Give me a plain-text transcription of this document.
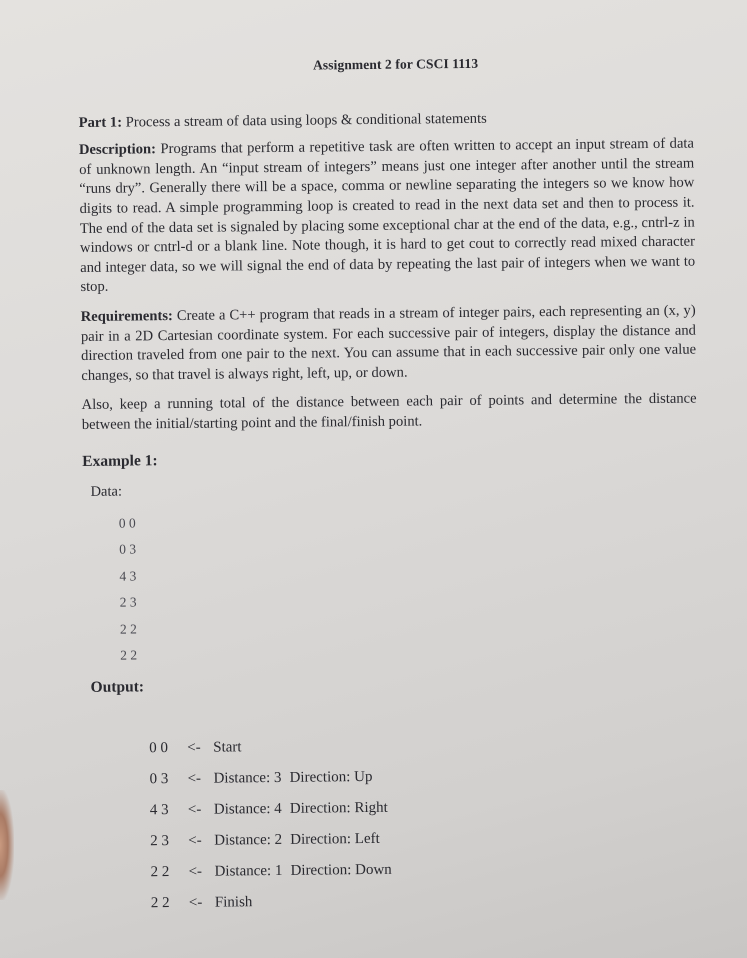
Assignment 2 for CSCI 1113
Part 1: Process a stream of data using loops & conditional statements

Description: Programs that perform a repetitive task are often written to accept an input stream of data of unknown length. An “input stream of integers” means just one integer after another until the stream “runs dry”. Generally there will be a space, comma or newline separating the integers so we know how digits to read. A simple programming loop is created to read in the next data set and then to process it. The end of the data set is signaled by placing some exceptional char at the end of the data, e.g., cntrl-z in windows or cntrl-d or a blank line. Note though, it is hard to get cout to correctly read mixed character and integer data, so we will signal the end of data by repeating the last pair of integers when we want to stop.

Requirements: Create a C++ program that reads in a stream of integer pairs, each representing an (x, y) pair in a 2D Cartesian coordinate system. For each successive pair of integers, display the distance and direction traveled from one pair to the next. You can assume that in each successive pair only one value changes, so that travel is always right, left, up, or down.

Also, keep a running total of the distance between each pair of points and determine the distance between the initial/starting point and the final/finish point.

Example 1:
Data:
0 0
0 3
4 3
2 3
2 2
2 2
Output:

0 0 <- Start

0 3 <- Distance: 3 Direction: Up

4 3 <- Distance: 4 Direction: Right

2 3 <- Distance: 2 Direction: Left

2 2 <- Distance: 1 Direction: Down

2 2 <- Finish
